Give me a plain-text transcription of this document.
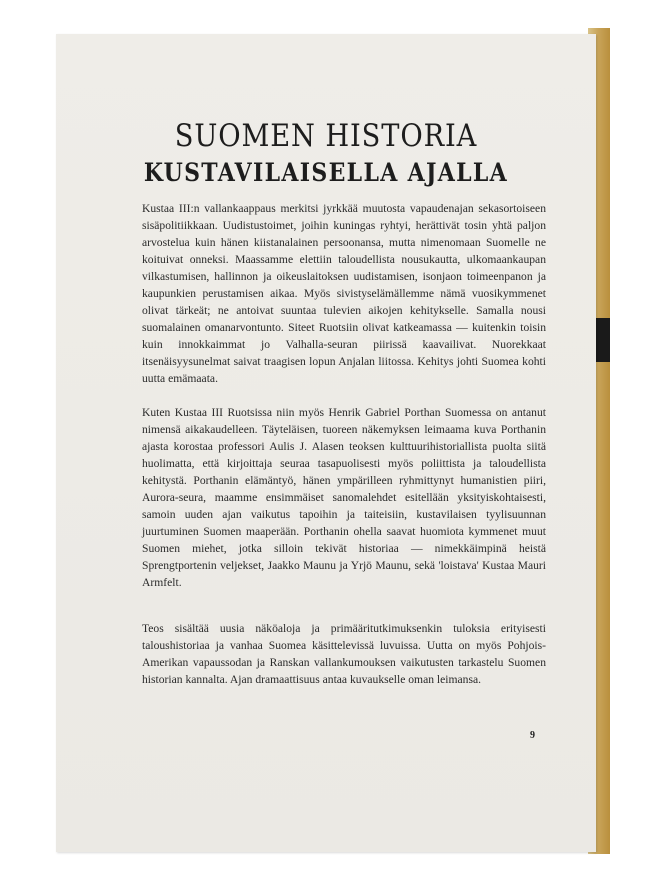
SUOMEN HISTORIA
KUSTAVILAISELLA AJALLA

Kustaa III:n vallankaappaus merkitsi jyrkkää muutosta vapaudenajan sekasortoiseen sisäpolitiikkaan. Uudistustoimet, joihin kuningas ryhtyi, herättivät tosin yhtä paljon arvostelua kuin hänen kiistanalainen persoonansa, mutta nimenomaan Suomelle ne koituivat onneksi. Maassamme elettiin taloudellista nousukautta, ulkomaankaupan vilkastumisen, hallinnon ja oikeuslaitoksen uudistamisen, isonjaon toimeenpanon ja kaupunkien perustamisen aikaa. Myös sivistyselämällemme nämä vuosikymmenet olivat tärkeät; ne antoivat suuntaa tulevien aikojen kehitykselle. Samalla nousi suomalainen omanarvontunto. Siteet Ruotsiin olivat katkeamassa — kuitenkin toisin kuin innokkaimmat jo Valhalla-seuran piirissä kaavailivat. Nuorekkaat itsenäisyysunelmat saivat traagisen lopun Anjalan liitossa. Kehitys johti Suomea kohti uutta emämaata.

Kuten Kustaa III Ruotsissa niin myös Henrik Gabriel Porthan Suomessa on antanut nimensä aikakaudelleen. Täyteläisen, tuoreen näkemyksen leimaama kuva Porthanin ajasta korostaa professori Aulis J. Alasen teoksen kulttuurihistoriallista puolta siitä huolimatta, että kirjoittaja seuraa tasapuolisesti myös poliittista ja taloudellista kehitystä. Porthanin elämäntyö, hänen ympärilleen ryhmittynyt humanistien piiri, Aurora-seura, maamme ensimmäiset sanomalehdet esitellään yksityiskohtaisesti, samoin uuden ajan vaikutus tapoihin ja taiteisiin, kustavilaisen tyylisuunnan juurtuminen Suomen maaperään. Porthanin ohella saavat huomiota kymmenet muut Suomen miehet, jotka silloin tekivät historiaa — nimekkäimpinä heistä Sprengtportenin veljekset, Jaakko Maunu ja Yrjö Maunu, sekä 'loistava' Kustaa Mauri Armfelt.

Teos sisältää uusia näköaloja ja primääritutkimuksenkin tuloksia erityisesti taloushistoriaa ja vanhaa Suomea käsittelevissä luvuissa. Uutta on myös Pohjois-Amerikan vapaussodan ja Ranskan vallankumouksen vaikutusten tarkastelu Suomen historian kannalta. Ajan dramaattisuus antaa kuvaukselle oman leimansa.

9
